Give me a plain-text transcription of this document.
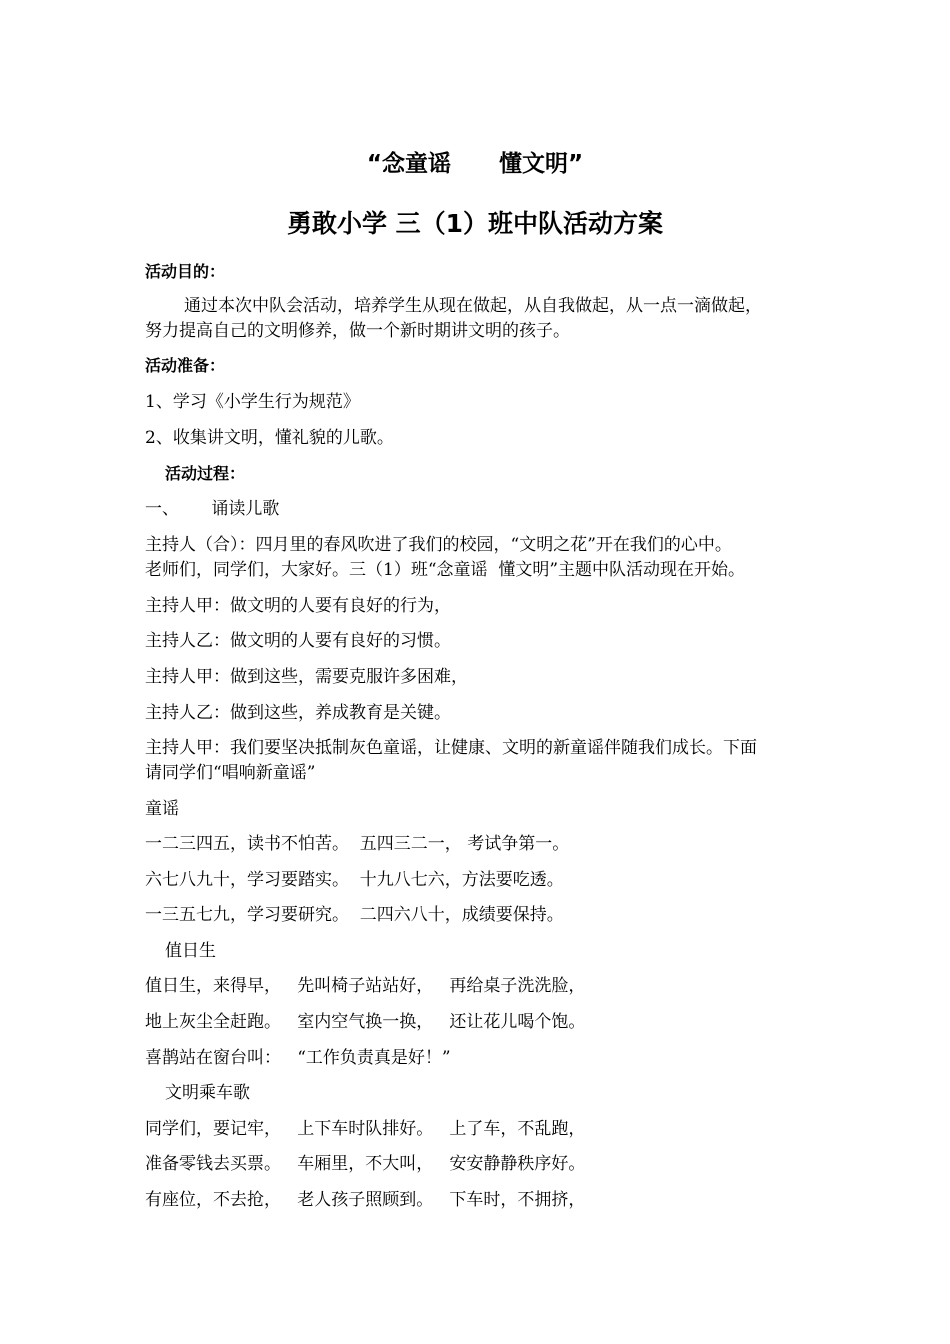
“念童谣      懂文明”
勇敢小学 三（1）班中队活动方案
活动目的：
通过本次中队会活动，培养学生从现在做起，从自我做起，从一点一滴做起，
努力提高自己的文明修养，做一个新时期讲文明的孩子。
活动准备：
1、学习《小学生行为规范》
2、收集讲文明，懂礼貌的儿歌。
活动过程：
一、      诵读儿歌
主持人（合）：四月里的春风吹进了我们的校园，“文明之花”开在我们的心中。
老师们，同学们，大家好。三（1）班“念童谣  懂文明”主题中队活动现在开始。
主持人甲：做文明的人要有良好的行为，
主持人乙：做文明的人要有良好的习惯。
主持人甲：做到这些，需要克服许多困难，
主持人乙：做到这些，养成教育是关键。
主持人甲：我们要坚决抵制灰色童谣，让健康、文明的新童谣伴随我们成长。下面
请同学们“唱响新童谣”
童谣
一二三四五，读书不怕苦。  五四三二一， 考试争第一。
六七八九十，学习要踏实。  十九八七六，方法要吃透。
一三五七九，学习要研究。  二四六八十，成绩要保持。
值日生
值日生，来得早，   先叫椅子站站好，   再给桌子洗洗脸，
地上灰尘全赶跑。   室内空气换一换，   还让花儿喝个饱。
喜鹊站在窗台叫：   “工作负责真是好！”
文明乘车歌
同学们，要记牢，   上下车时队排好。   上了车，不乱跑，
准备零钱去买票。   车厢里，不大叫，   安安静静秩序好。
有座位，不去抢，   老人孩子照顾到。   下车时，不拥挤，
